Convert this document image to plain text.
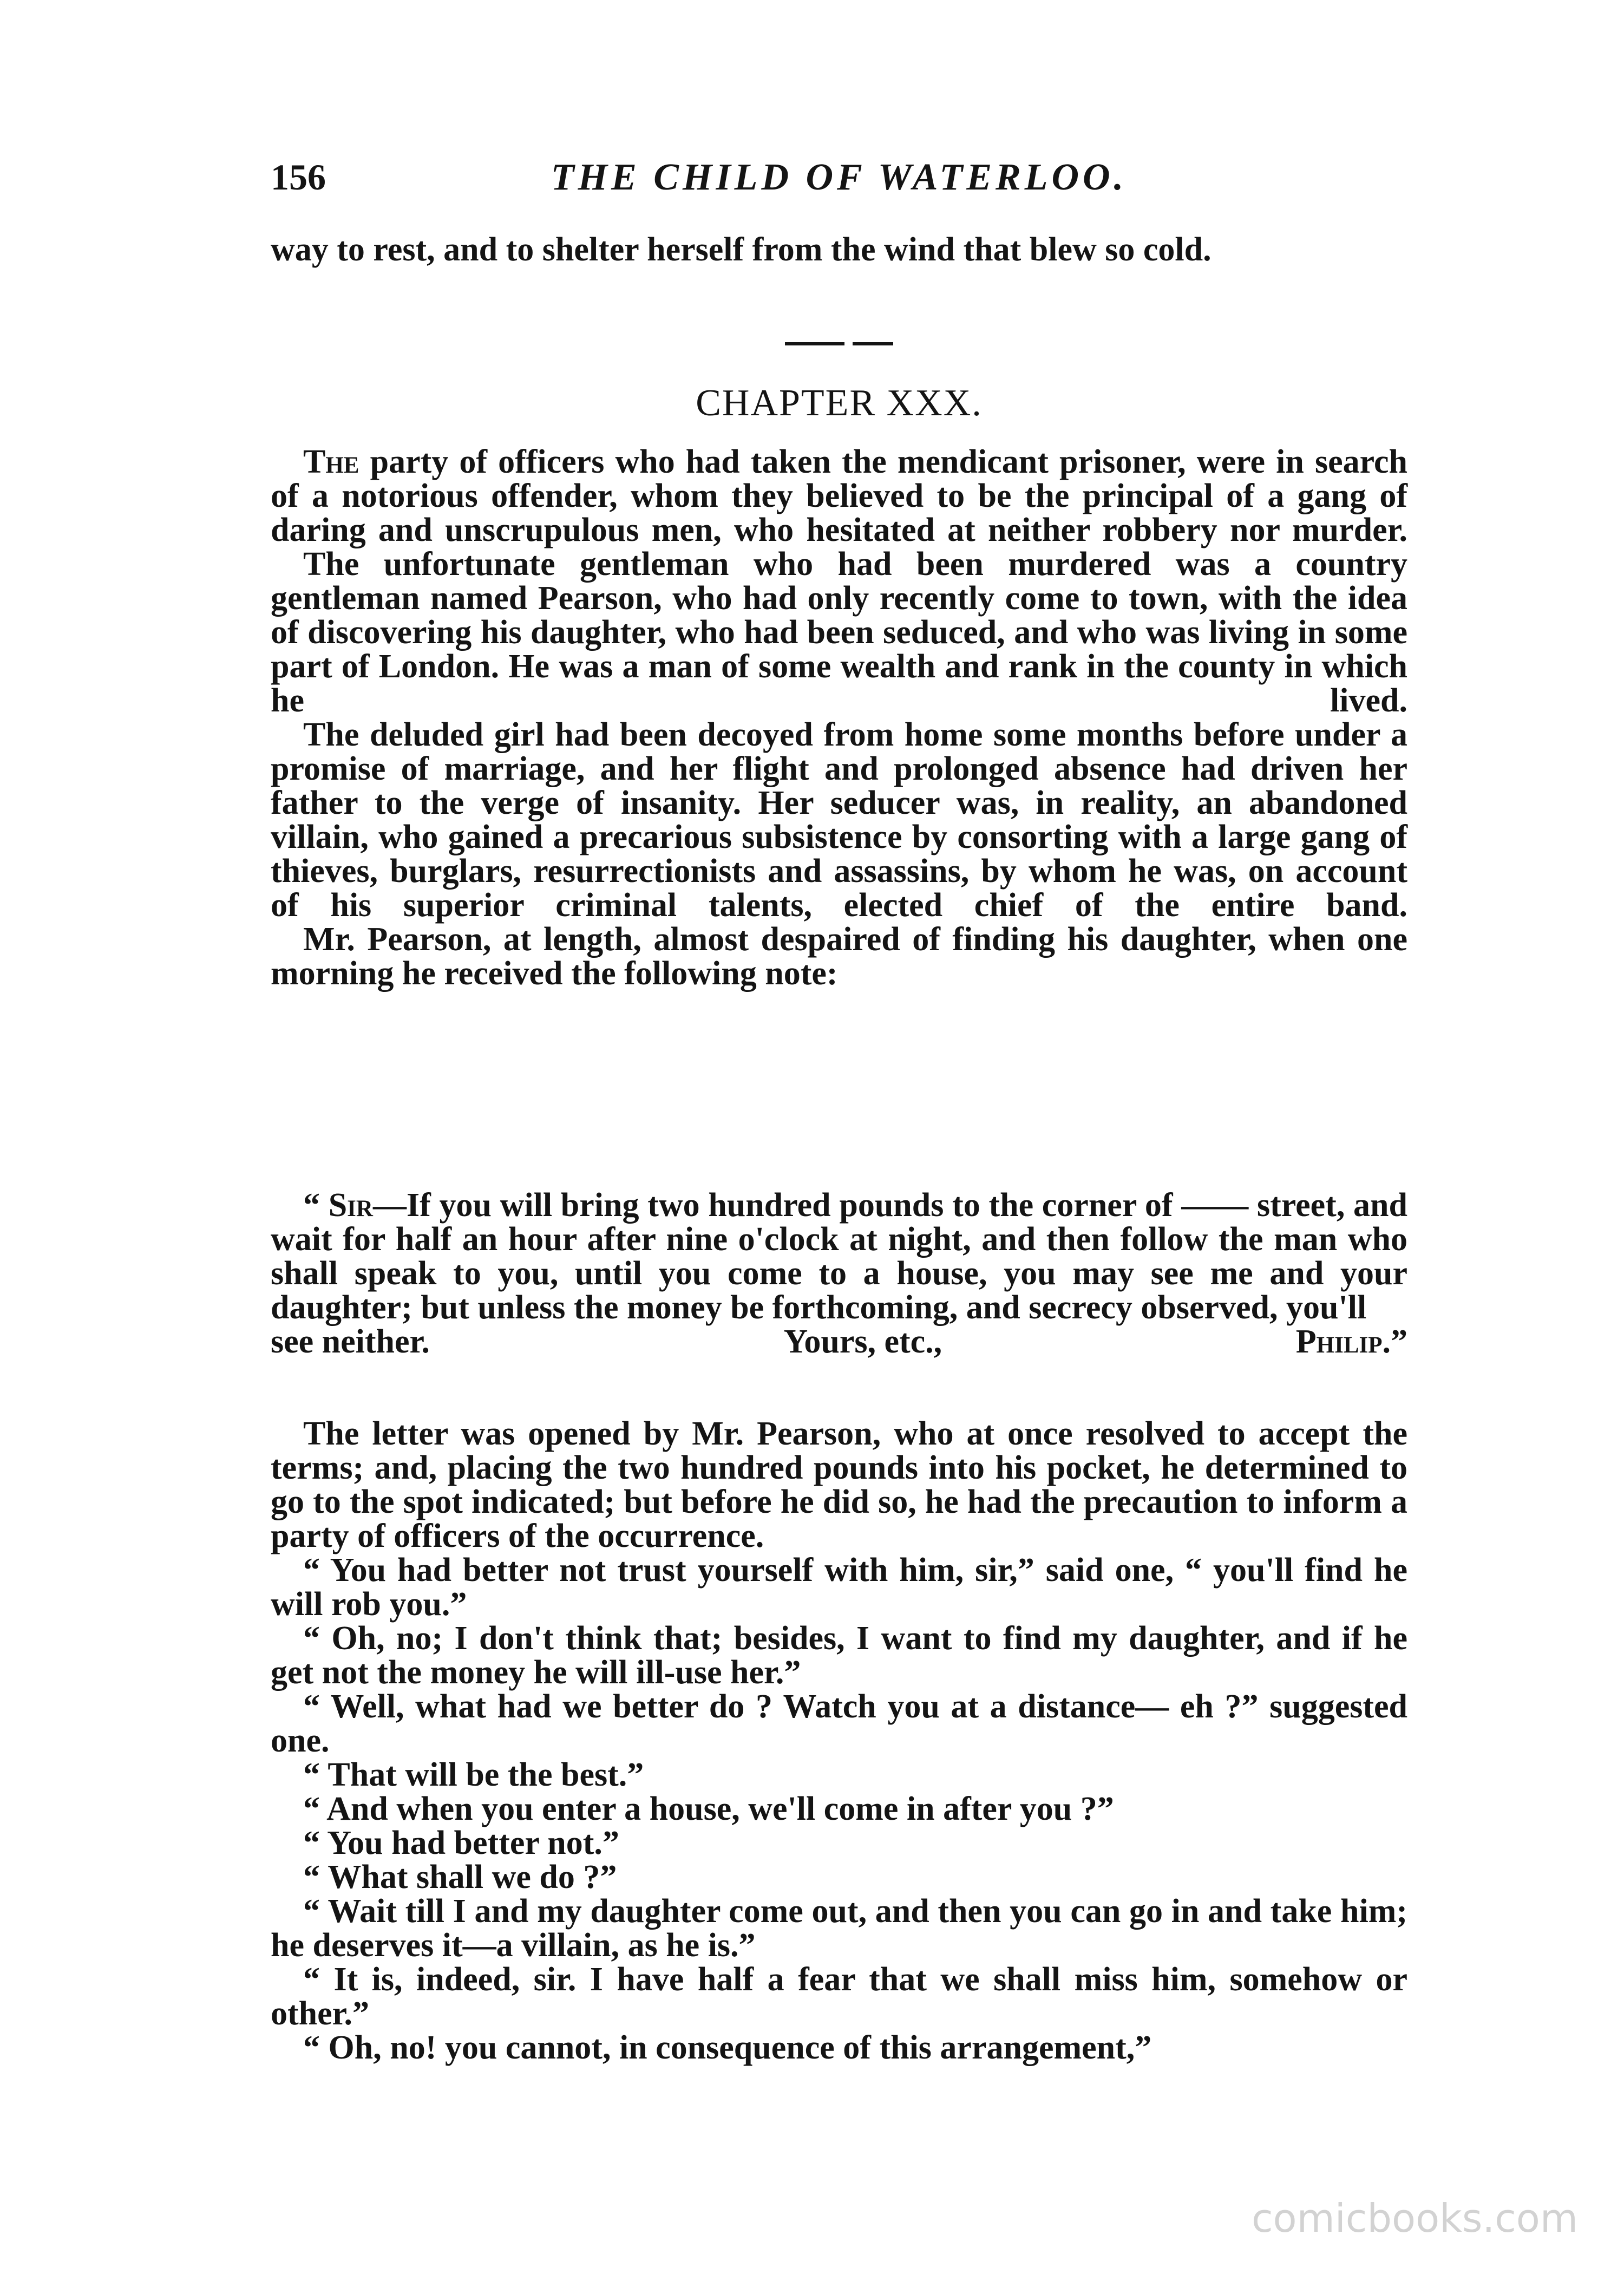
156	THE CHILD OF WATERLOO.

way to rest, and to shelter herself from the wind that blew so cold.

CHAPTER XXX.

The party of officers who had taken the mendicant prisoner, were in search of a notorious offender, whom they believed to be the principal of a gang of daring and unscrupulous men, who hesitated at neither robbery nor murder.

The unfortunate gentleman who had been murdered was a country gentleman named Pearson, who had only recently come to town, with the idea of discovering his daughter, who had been seduced, and who was living in some part of London. He was a man of some wealth and rank in the county in which he lived.

The deluded girl had been decoyed from home some months before under a promise of marriage, and her flight and prolonged absence had driven her father to the verge of insanity. Her seducer was, in reality, an abandoned villain, who gained a precarious subsistence by consorting with a large gang of thieves, burglars, resurrectionists and assassins, by whom he was, on account of his superior criminal talents, elected chief of the entire band.

Mr. Pearson, at length, almost despaired of finding his daughter, when one morning he received the following note:

“ Sir—If you will bring two hundred pounds to the corner of —— street, and wait for half an hour after nine o'clock at night, and then follow the man who shall speak to you, until you come to a house, you may see me and your daughter; but unless the money be forthcoming, and secrecy observed, you'll

see neither.	Yours, etc.,	Philip.”

The letter was opened by Mr. Pearson, who at once resolved to accept the terms; and, placing the two hundred pounds into his pocket, he determined to go to the spot indicated; but before he did so, he had the precaution to inform a party of officers of the occurrence.

“ You had better not trust yourself with him, sir,” said one, “ you'll find he will rob you.”

“ Oh, no; I don't think that; besides, I want to find my daughter, and if he get not the money he will ill-use her.”

“ Well, what had we better do ? Watch you at a distance— eh ?” suggested one.

“ That will be the best.”

“ And when you enter a house, we'll come in after you ?”

“ You had better not.”

“ What shall we do ?”

“ Wait till I and my daughter come out, and then you can go in and take him; he deserves it—a villain, as he is.”

“ It is, indeed, sir. I have half a fear that we shall miss him, somehow or other.”

“ Oh, no! you cannot, in consequence of this arrangement,”

comicbooks.com
